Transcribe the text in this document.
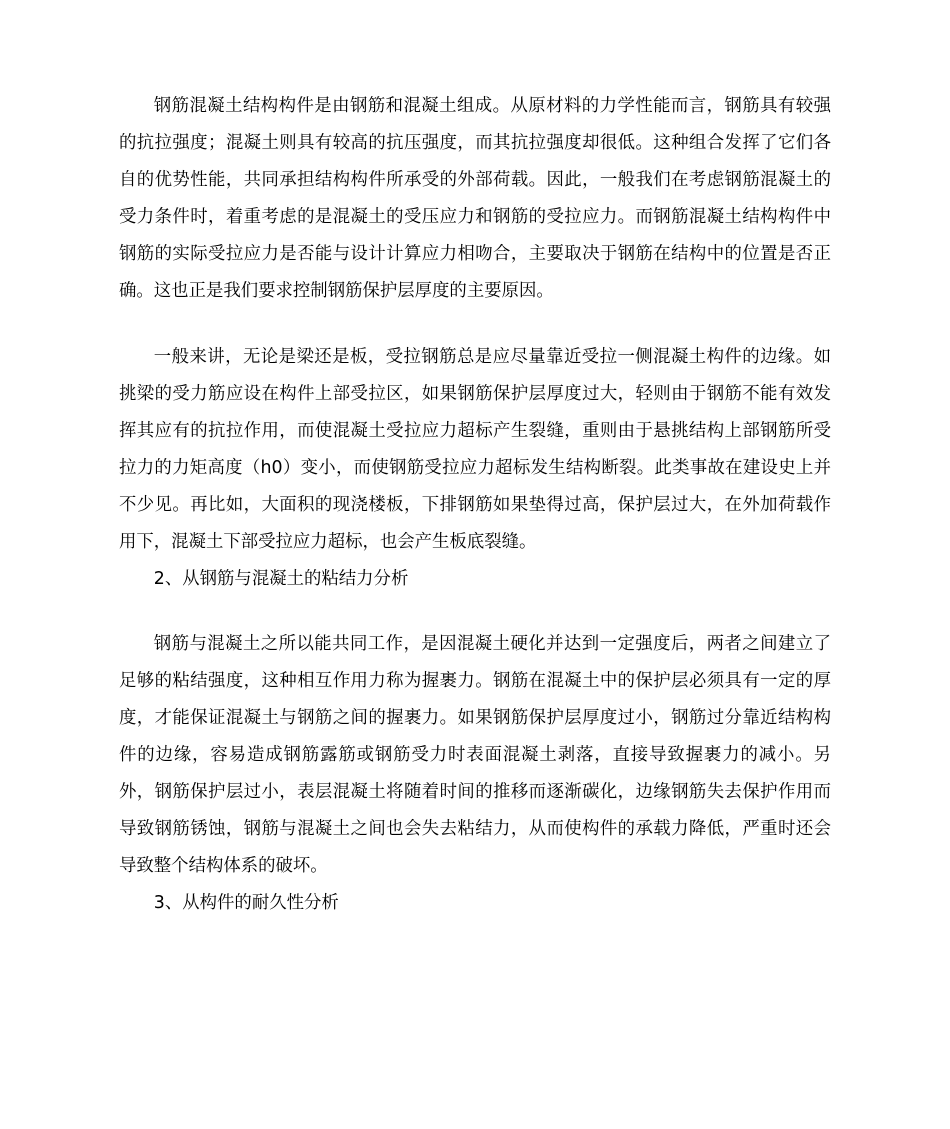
钢筋混凝土结构构件是由钢筋和混凝土组成。从原材料的力学性能而言，钢筋具有较强的抗拉强度；混凝土则具有较高的抗压强度，而其抗拉强度却很低。这种组合发挥了它们各自的优势性能，共同承担结构构件所承受的外部荷载。因此，一般我们在考虑钢筋混凝土的受力条件时，着重考虑的是混凝土的受压应力和钢筋的受拉应力。而钢筋混凝土结构构件中钢筋的实际受拉应力是否能与设计计算应力相吻合，主要取决于钢筋在结构中的位置是否正确。这也正是我们要求控制钢筋保护层厚度的主要原因。

一般来讲，无论是梁还是板，受拉钢筋总是应尽量靠近受拉一侧混凝土构件的边缘。如挑梁的受力筋应设在构件上部受拉区，如果钢筋保护层厚度过大，轻则由于钢筋不能有效发挥其应有的抗拉作用，而使混凝土受拉应力超标产生裂缝，重则由于悬挑结构上部钢筋所受拉力的力矩高度（h0）变小，而使钢筋受拉应力超标发生结构断裂。此类事故在建设史上并不少见。再比如，大面积的现浇楼板，下排钢筋如果垫得过高，保护层过大，在外加荷载作用下，混凝土下部受拉应力超标，也会产生板底裂缝。

2、从钢筋与混凝土的粘结力分析

钢筋与混凝土之所以能共同工作，是因混凝土硬化并达到一定强度后，两者之间建立了足够的粘结强度，这种相互作用力称为握裹力。钢筋在混凝土中的保护层必须具有一定的厚度，才能保证混凝土与钢筋之间的握裹力。如果钢筋保护层厚度过小，钢筋过分靠近结构构件的边缘，容易造成钢筋露筋或钢筋受力时表面混凝土剥落，直接导致握裹力的减小。另外，钢筋保护层过小，表层混凝土将随着时间的推移而逐渐碳化，边缘钢筋失去保护作用而导致钢筋锈蚀，钢筋与混凝土之间也会失去粘结力，从而使构件的承载力降低，严重时还会导致整个结构体系的破坏。

3、从构件的耐久性分析
